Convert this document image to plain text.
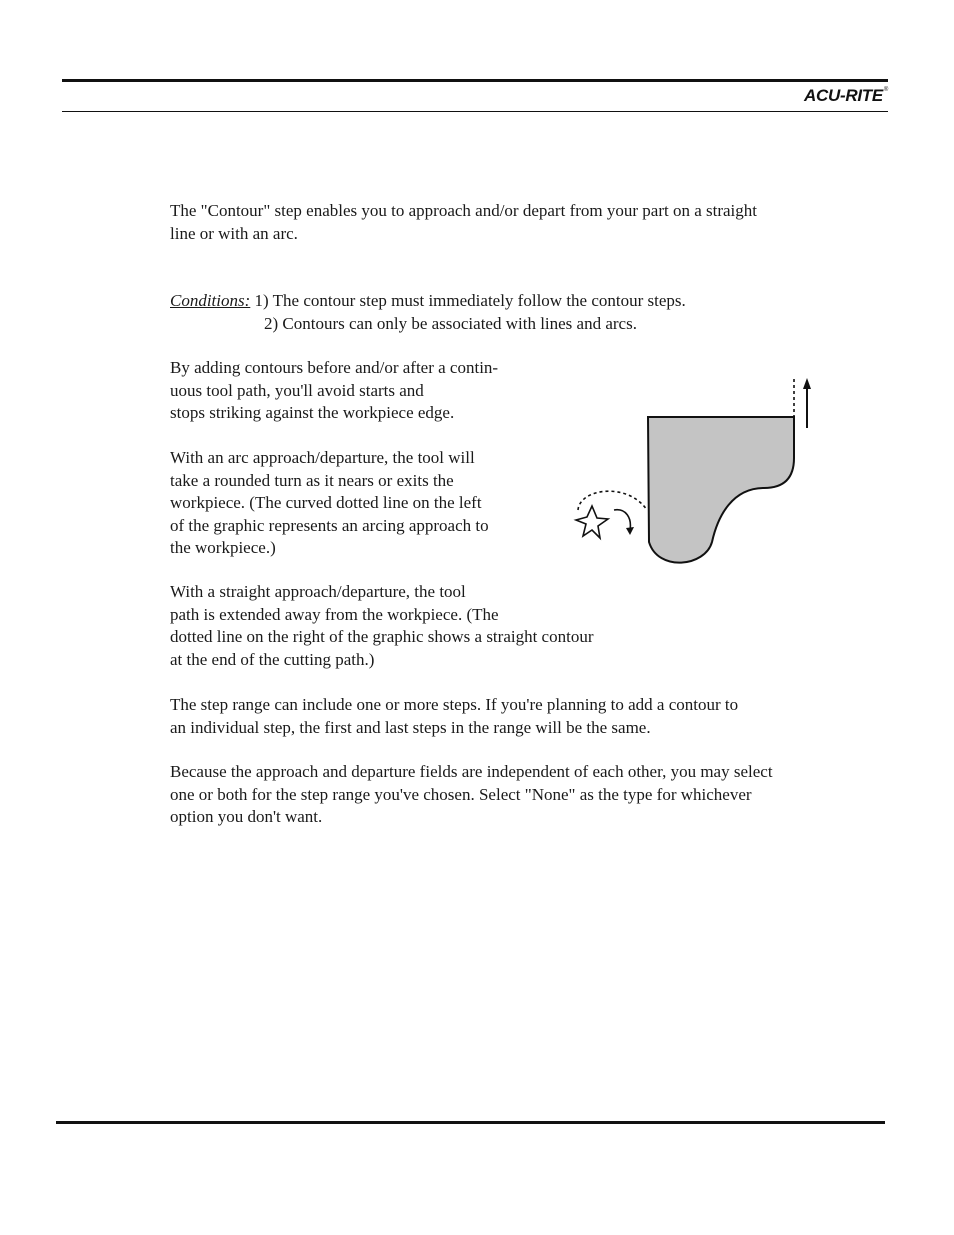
ACU-RITE®

The "Contour" step enables you to approach and/or depart from your part on a straight
line or with an arc.

Conditions: 1) The contour step must immediately follow the contour steps.
2) Contours can only be associated with lines and arcs.

By adding contours before and/or after a contin-
uous tool path, you'll avoid starts and
stops striking against the workpiece edge.

With an arc approach/departure, the tool will
take a rounded turn as it nears or exits the
workpiece. (The curved dotted line on the left
of the graphic represents an arcing approach to
the workpiece.)

With a straight approach/departure, the tool
path is extended away from the workpiece. (The
dotted line on the right of the graphic shows a straight contour
at the end of the cutting path.)

The step range can include one or more steps. If you're planning to add a contour to
an individual step, the first and last steps in the range will be the same.

Because the approach and departure fields are independent of each other, you may select
one or both for the step range you've chosen. Select "None" as the type for whichever
option you don't want.
